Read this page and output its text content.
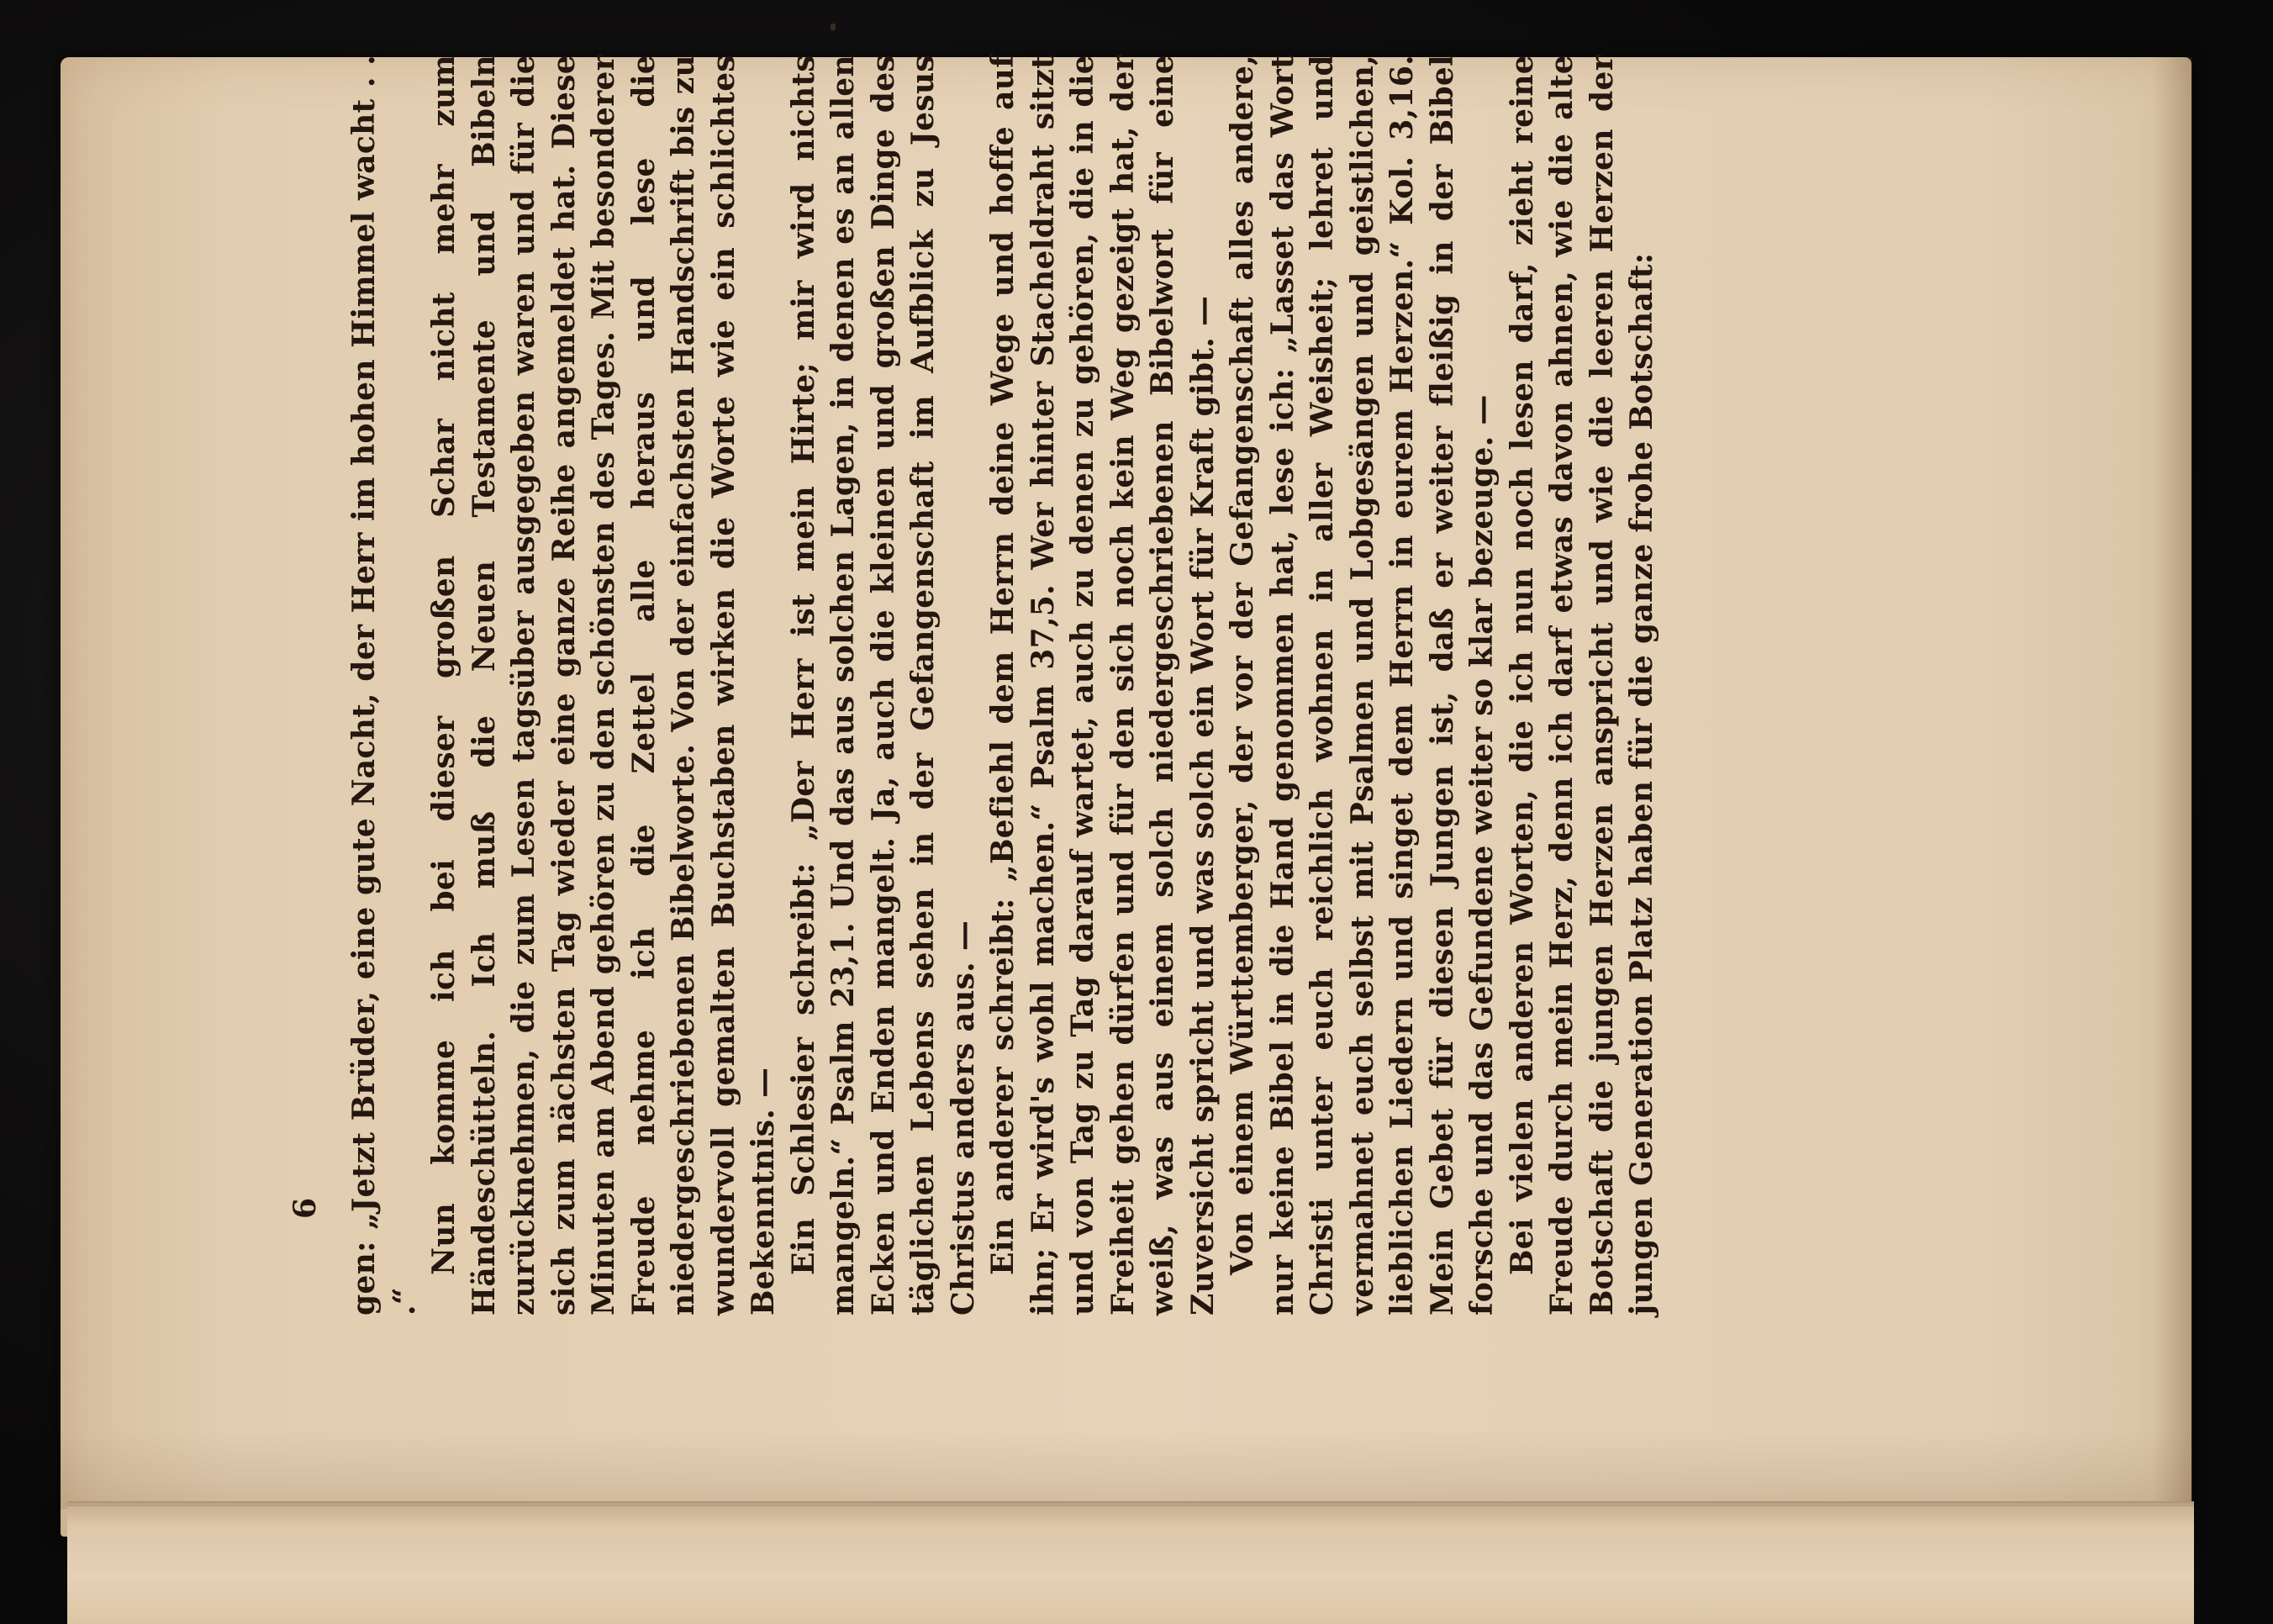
gen: „Jetzt Brüder, eine gute Nacht, der Herr im hohen Himmel wacht . . .“

Nun komme ich bei dieser großen Schar nicht mehr zum Händeschütteln. Ich muß die Neuen Testamente und Bibeln zurücknehmen, die zum Lesen tagsüber ausgegeben waren und für die sich zum nächsten Tag wieder eine ganze Reihe angemeldet hat. Diese Minuten am Abend gehören zu den schönsten des Tages. Mit besonderer Freude nehme ich die Zettel alle heraus und lese die niedergeschriebenen Bibelworte. Von der einfachsten Handschrift bis zu wundervoll gemalten Buchstaben wirken die Worte wie ein schlichtes Bekenntnis. — Ein Schlesier schreibt: „Der Herr ist mein Hirte; mir wird nichts mangeln.“ Psalm 23,1. Und das aus solchen Lagen, in denen es an allen Ecken und Enden mangelt. Ja, auch die kleinen und großen Dinge des täglichen Lebens sehen in der Gefangenschaft im Aufblick zu Jesus Christus anders aus. — Ein anderer schreibt: „Befiehl dem Herrn deine Wege und hoffe auf ihn; Er wird's wohl machen.“ Psalm 37,5. Wer hinter Stacheldraht sitzt und von Tag zu Tag darauf wartet, auch zu denen zu gehören, die in die Freiheit gehen dürfen und für den sich noch kein Weg gezeigt hat, der weiß, was aus einem solch niedergeschriebenen Bibelwort für eine Zuversicht spricht und was solch ein Wort für Kraft gibt. — Von einem Württemberger, der vor der Gefangenschaft alles andere, nur keine Bibel in die Hand genommen hat, lese ich: „Lasset das Wort Christi unter euch reichlich wohnen in aller Weisheit; lehret und vermahnet euch selbst mit Psalmen und Lobgesängen und geistlichen, lieblichen Liedern und singet dem Herrn in eurem Herzen.“ Kol. 3,16. Mein Gebet für diesen Jungen ist, daß er weiter fleißig in der Bibel forsche und das Gefundene weiter so klar bezeuge. — Bei vielen anderen Worten, die ich nun noch lesen darf, zieht reine Freude durch mein Herz, denn ich darf etwas davon ahnen, wie die alte Botschaft die jungen Herzen anspricht und wie die leeren Herzen der jungen Generation Platz haben für die ganze frohe Botschaft:

6
